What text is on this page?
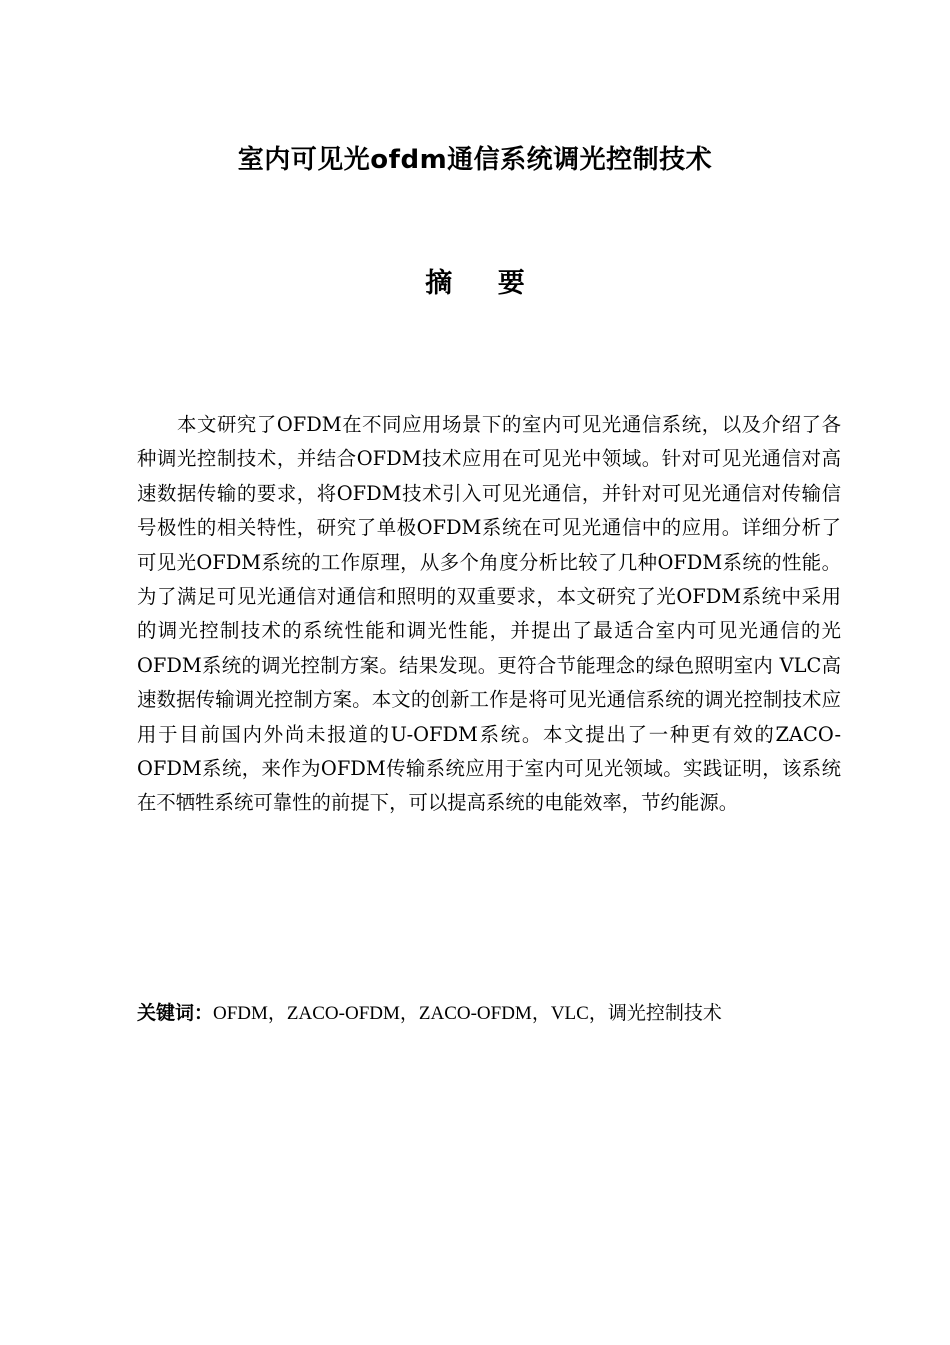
室内可见光ofdm通信系统调光控制技术
摘 要

本文研究了OFDM在不同应用场景下的室内可见光通信系统，以及介绍了各种调光控制技术，并结合OFDM技术应用在可见光中领域。针对可见光通信对高速数据传输的要求，将OFDM技术引入可见光通信，并针对可见光通信对传输信号极性的相关特性，研究了单极OFDM系统在可见光通信中的应用。详细分析了可见光OFDM系统的工作原理，从多个角度分析比较了几种OFDM系统的性能。为了满足可见光通信对通信和照明的双重要求，本文研究了光OFDM系统中采用的调光控制技术的系统性能和调光性能，并提出了最适合室内可见光通信的光 OFDM系统的调光控制方案。结果发现。更符合节能理念的绿色照明室内 VLC高速数据传输调光控制方案。本文的创新工作是将可见光通信系统的调光控制技术应用于目前国内外尚未报道的U-OFDM系统。本文提出了一种更有效的ZACO-OFDM系统，来作为OFDM传输系统应用于室内可见光领域。实践证明，该系统在不牺牲系统可靠性的前提下，可以提高系统的电能效率，节约能源。

关键词：OFDM，ZACO-OFDM，ZACO-OFDM，VLC，调光控制技术
